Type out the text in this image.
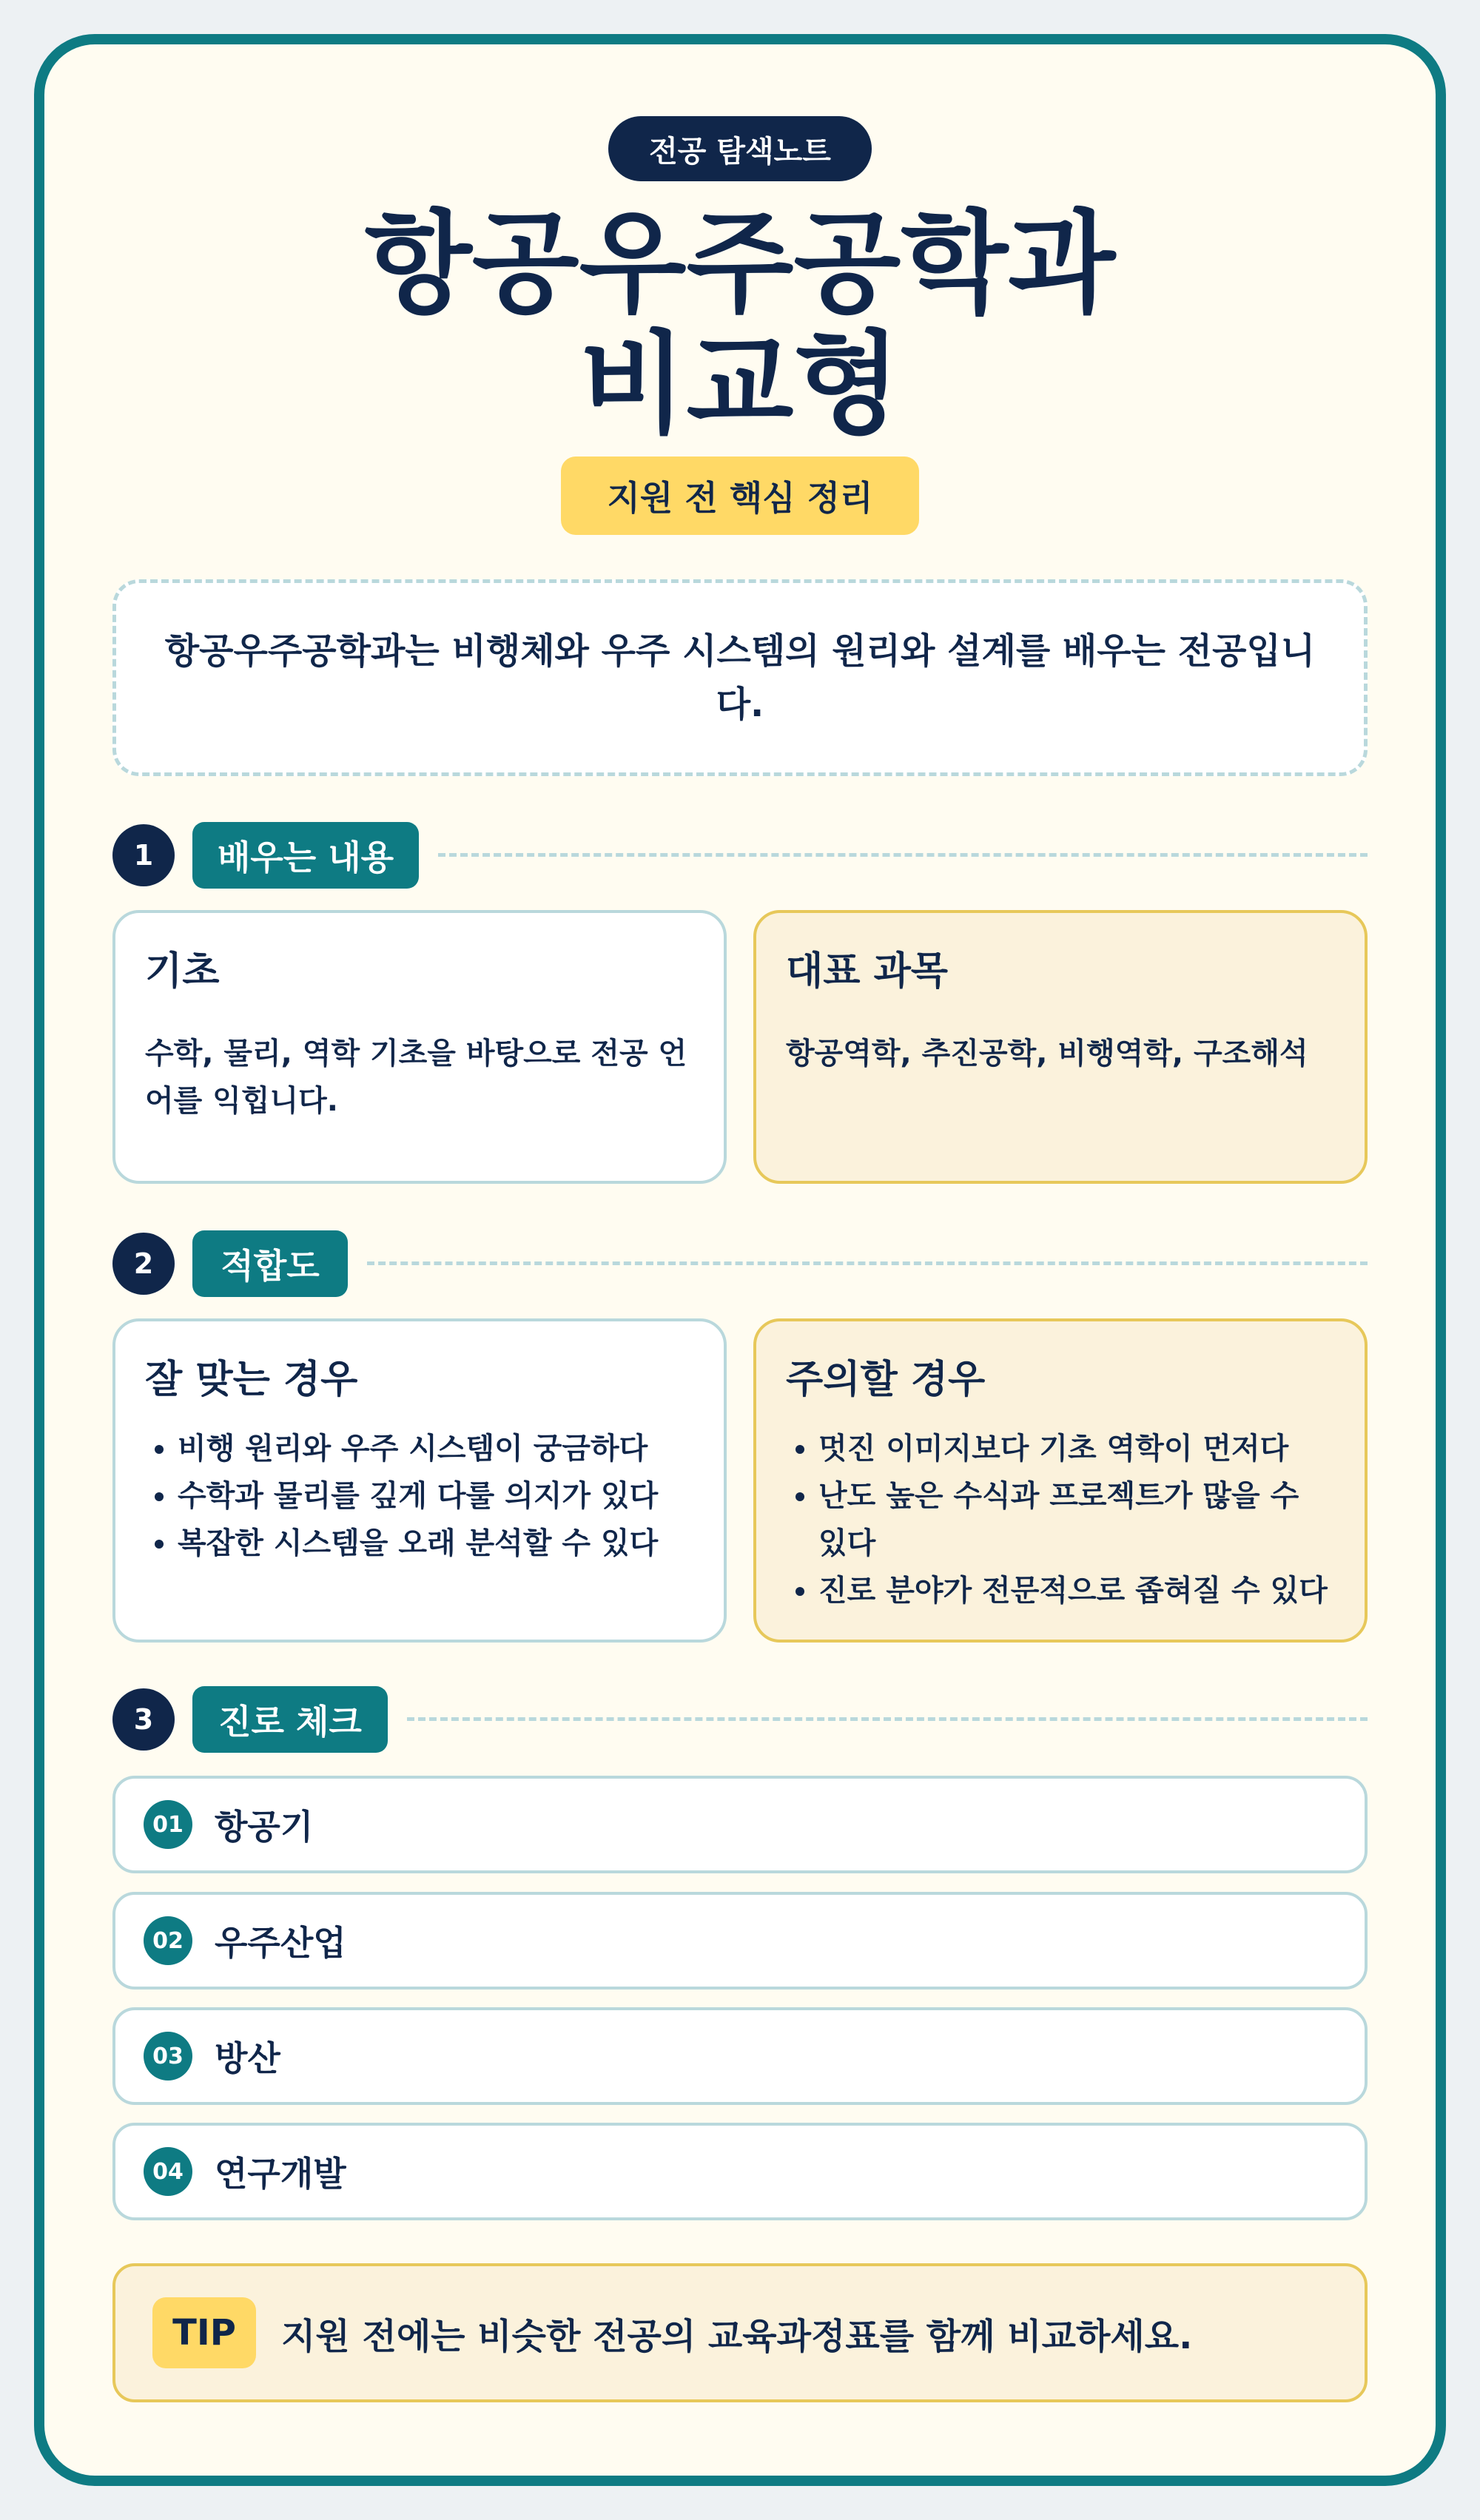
전공 탐색노트
항공우주공학과
비교형
지원 전 핵심 정리
항공우주공학과는 비행체와 우주 시스템의 원리와 설계를 배우는 전공입니다.
1	배우는 내용
기초

수학, 물리, 역학 기초을 바탕으로 전공 언어를 익힙니다.

대표 과목

항공역학, 추진공학, 비행역학, 구조해석

2	적합도
잘 맞는 경우
• 비행 원리와 우주 시스템이 궁금하다
• 수학과 물리를 깊게 다룰 의지가 있다
• 복잡한 시스템을 오래 분석할 수 있다
주의할 경우
• 멋진 이미지보다 기초 역학이 먼저다
• 난도 높은 수식과 프로젝트가 많을 수 있다
• 진로 분야가 전문적으로 좁혀질 수 있다
3	진로 체크
01 항공기
02 우주산업
03 방산
04 연구개발
TIP	지원 전에는 비슷한 전공의 교육과정표를 함께 비교하세요.
